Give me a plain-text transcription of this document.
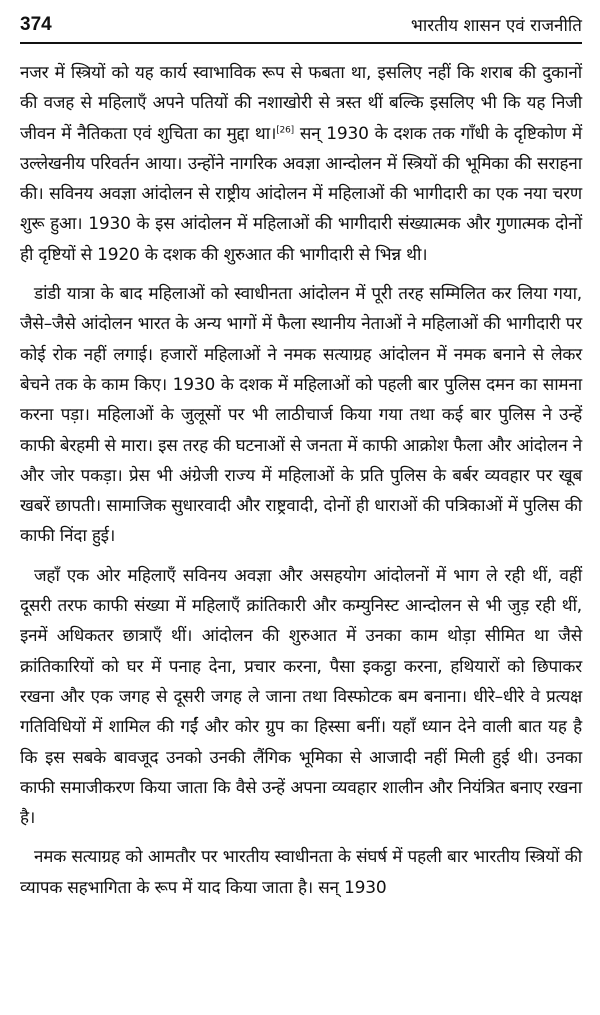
374	भारतीय शासन एवं राजनीति

नजर में स्त्रियों को यह कार्य स्वाभाविक रूप से फबता था, इसलिए नहीं कि शराब की दुकानों की वजह से महिलाएँ अपने पतियों की नशाखोरी से त्रस्त थीं बल्कि इसलिए भी कि यह निजी जीवन में नैतिकता एवं शुचिता का मुद्दा था।[26] सन् 1930 के दशक तक गाँधी के दृष्टिकोण में उल्लेखनीय परिवर्तन आया। उन्होंने नागरिक अवज्ञा आन्दोलन में स्त्रियों की भूमिका की सराहना की। सविनय अवज्ञा आंदोलन से राष्ट्रीय आंदोलन में महिलाओं की भागीदारी का एक नया चरण शुरू हुआ। 1930 के इस आंदोलन में महिलाओं की भागीदारी संख्यात्मक और गुणात्मक दोनों ही दृष्टियों से 1920 के दशक की शुरुआत की भागीदारी से भिन्न थी।

डांडी यात्रा के बाद महिलाओं को स्वाधीनता आंदोलन में पूरी तरह सम्मिलित कर लिया गया, जैसे–जैसे आंदोलन भारत के अन्य भागों में फैला स्थानीय नेताओं ने महिलाओं की भागीदारी पर कोई रोक नहीं लगाई। हजारों महिलाओं ने नमक सत्याग्रह आंदोलन में नमक बनाने से लेकर बेचने तक के काम किए। 1930 के दशक में महिलाओं को पहली बार पुलिस दमन का सामना करना पड़ा। महिलाओं के जुलूसों पर भी लाठीचार्ज किया गया तथा कई बार पुलिस ने उन्हें काफी बेरहमी से मारा। इस तरह की घटनाओं से जनता में काफी आक्रोश फैला और आंदोलन ने और जोर पकड़ा। प्रेस भी अंग्रेजी राज्य में महिलाओं के प्रति पुलिस के बर्बर व्यवहार पर खूब खबरें छापती। सामाजिक सुधारवादी और राष्ट्रवादी, दोनों ही धाराओं की पत्रिकाओं में पुलिस की काफी निंदा हुई।

जहाँ एक ओर महिलाएँ सविनय अवज्ञा और असहयोग आंदोलनों में भाग ले रही थीं, वहीं दूसरी तरफ काफी संख्या में महिलाएँ क्रांतिकारी और कम्युनिस्ट आन्दोलन से भी जुड़ रही थीं, इनमें अधिकतर छात्राएँ थीं। आंदोलन की शुरुआत में उनका काम थोड़ा सीमित था जैसे क्रांतिकारियों को घर में पनाह देना, प्रचार करना, पैसा इकट्ठा करना, हथियारों को छिपाकर रखना और एक जगह से दूसरी जगह ले जाना तथा विस्फोटक बम बनाना। धीरे–धीरे वे प्रत्यक्ष गतिविधियों में शामिल की गईं और कोर ग्रुप का हिस्सा बनीं। यहाँ ध्यान देने वाली बात यह है कि इस सबके बावजूद उनको उनकी लैंगिक भूमिका से आजादी नहीं मिली हुई थी। उनका काफी समाजीकरण किया जाता कि वैसे उन्हें अपना व्यवहार शालीन और नियंत्रित बनाए रखना है।

नमक सत्याग्रह को आमतौर पर भारतीय स्वाधीनता के संघर्ष में पहली बार भारतीय स्त्रियों की व्यापक सहभागिता के रूप में याद किया जाता है। सन् 1930
